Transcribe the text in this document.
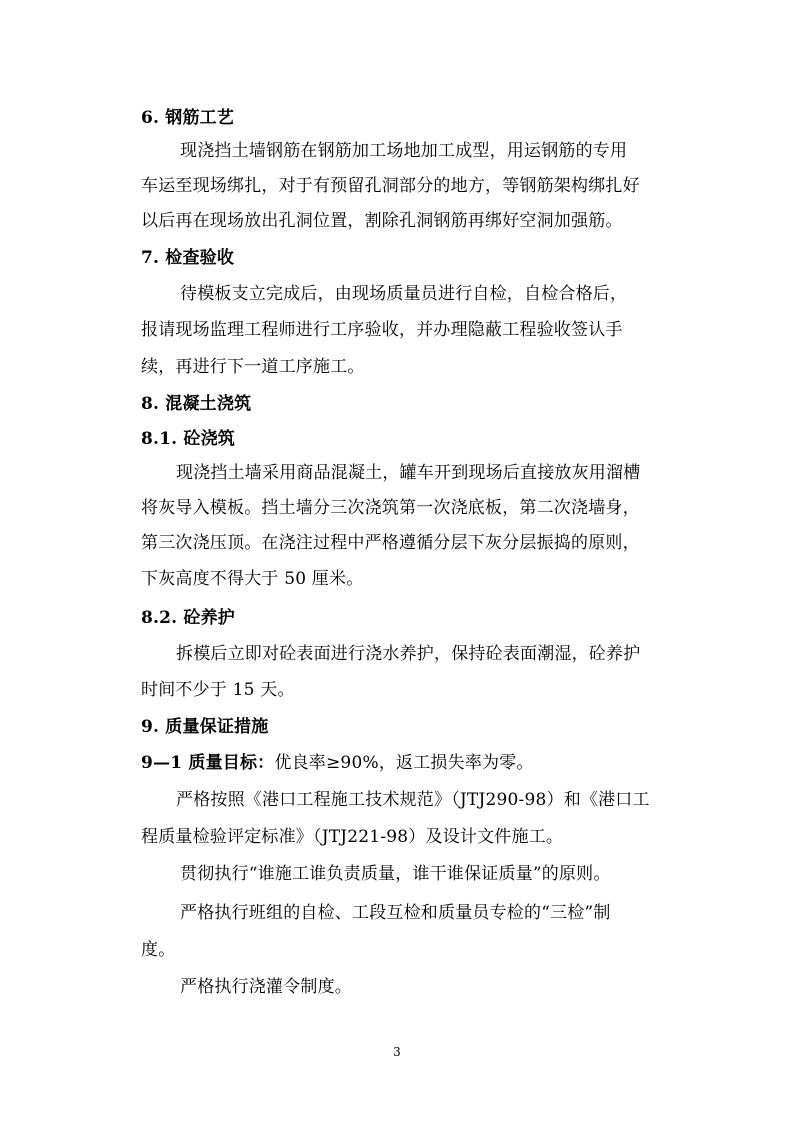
6. 钢筋工艺
现浇挡土墙钢筋在钢筋加工场地加工成型，用运钢筋的专用
车运至现场绑扎，对于有预留孔洞部分的地方，等钢筋架构绑扎好
以后再在现场放出孔洞位置，割除孔洞钢筋再绑好空洞加强筋。
7. 检查验收
待模板支立完成后，由现场质量员进行自检，自检合格后，
报请现场监理工程师进行工序验收，并办理隐蔽工程验收签认手
续，再进行下一道工序施工。
8. 混凝土浇筑
8.1. 砼浇筑
现浇挡土墙采用商品混凝土，罐车开到现场后直接放灰用溜槽
将灰导入模板。挡土墙分三次浇筑第一次浇底板，第二次浇墙身，
第三次浇压顶。在浇注过程中严格遵循分层下灰分层振捣的原则，
下灰高度不得大于 50 厘米。
8.2. 砼养护
拆模后立即对砼表面进行浇水养护，保持砼表面潮湿，砼养护
时间不少于 15 天。
9. 质量保证措施
9—1 质量目标：优良率≥90%，返工损失率为零。
严格按照《港口工程施工技术规范》（JTJ290-98）和《港口工
程质量检验评定标准》（JTJ221-98）及设计文件施工。
贯彻执行“谁施工谁负责质量，谁干谁保证质量”的原则。
严格执行班组的自检、工段互检和质量员专检的“三检”制
度。
严格执行浇灌令制度。
3
